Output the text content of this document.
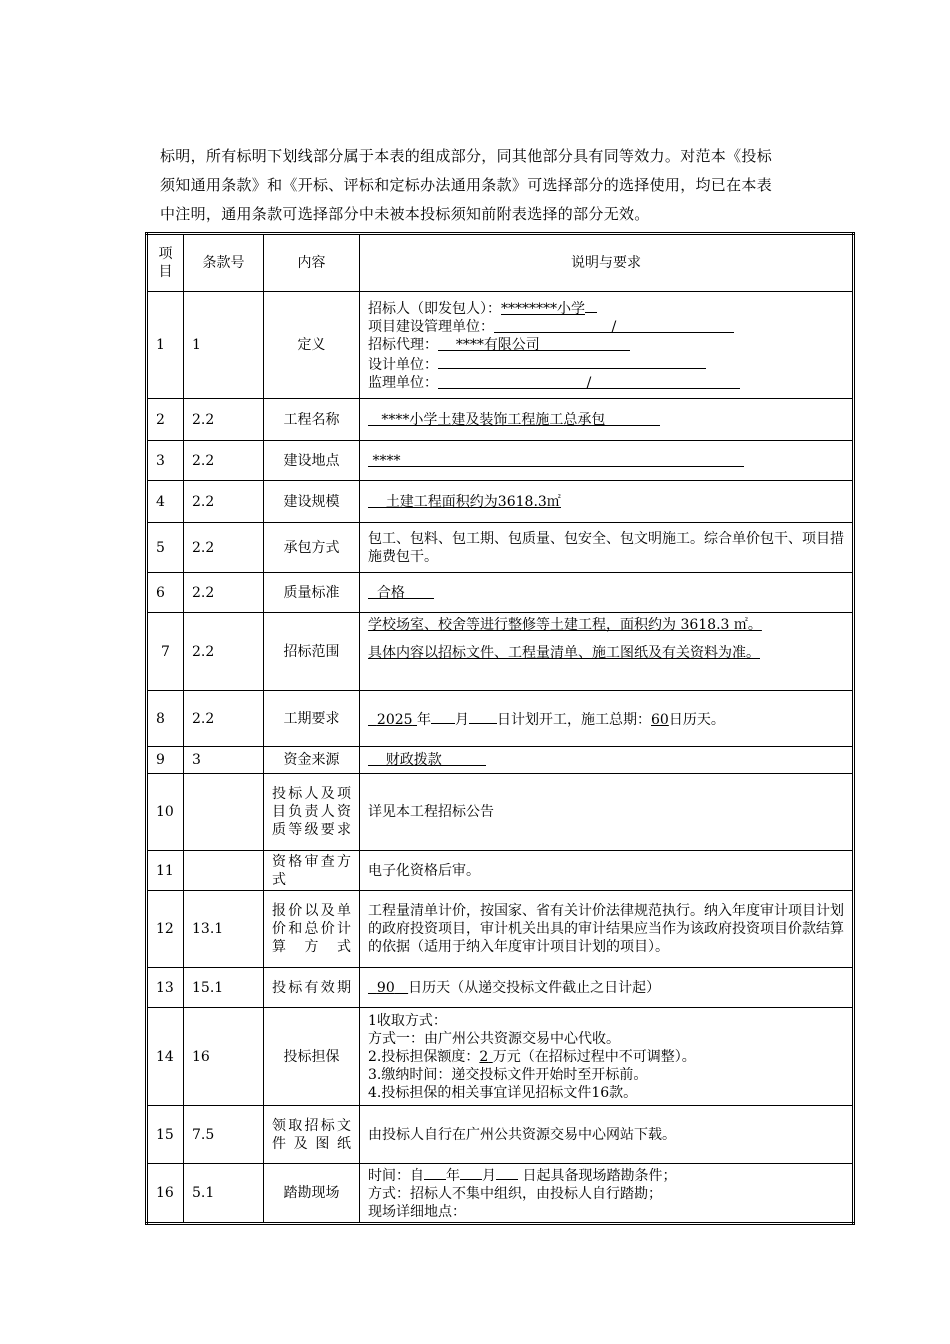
标明，所有标明下划线部分属于本表的组成部分，同其他部分具有同等效力。对范本《投标
须知通用条款》和《开标、评标和定标办法通用条款》可选择部分的选择使用，均已在本表
中注明，通用条款可选择部分中未被本投标须知前附表选择的部分无效。
项目	条款号	内容	说明与要求
1	1	定义	招标人（即发包人）：********小学
项目建设管理单位： /
招标代理： ****有限公司
设计单位：
监理单位： /

2	2.2	工程名称	****小学土建及装饰工程施工总承包
3	2.2	建设地点	****
4	2.2	建设规模	土建工程面积约为3618.3㎡
5	2.2	承包方式	包工、包料、包工期、包质量、包安全、包文明施工。综合单价包干、项目措施费包干。
6	2.2	质量标准	合格
7	2.2	招标范围	学校场室、校舍等进行整修等土建工程，面积约为 3618.3 ㎡。
具体内容以招标文件、工程量清单、施工图纸及有关资料为准。

8	2.2	工期要求	2025 年 月 日计划开工，施工总期：60日历天。
9	3	资金来源	财政拨款
10		投标人及项目负责人资质等级要求	详见本工程招标公告
11		资格审查方式	电子化资格后审。
12	13.1	报价以及单价和总价计算方式	工程量清单计价，按国家、省有关计价法律规范执行。纳入年度审计项目计划的政府投资项目，审计机关出具的审计结果应当作为该政府投资项目价款结算的依据（适用于纳入年度审计项目计划的项目）。
13	15.1	投标有效期	90 日历天（从递交投标文件截止之日计起）
14	16	投标担保	1收取方式：
方式一：由广州公共资源交易中心代收。
2.投标担保额度：2 万元（在招标过程中不可调整）。
3.缴纳时间：递交投标文件开始时至开标前。
4.投标担保的相关事宜详见招标文件16款。

15	7.5	领取招标文件及图纸	由投标人自行在广州公共资源交易中心网站下载。
16	5.1	踏勘现场	时间：自 年 月 日起具备现场踏勘条件；
方式：招标人不集中组织，由投标人自行踏勘；
现场详细地点：
